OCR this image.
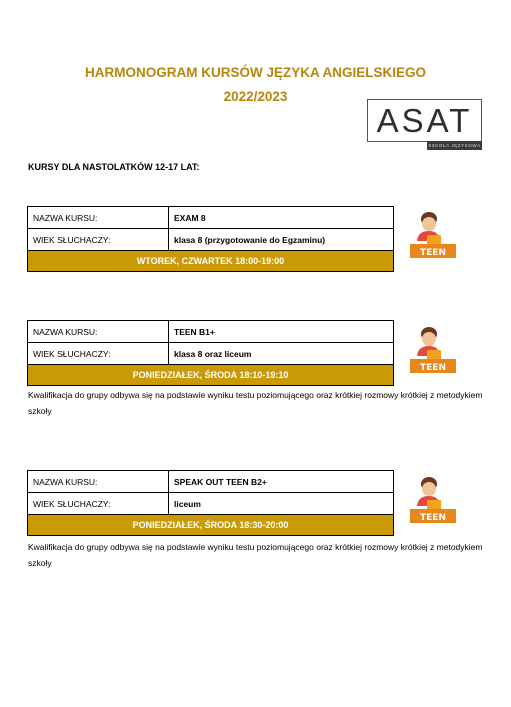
HARMONOGRAM KURSÓW JĘZYKA ANGIELSKIEGO
2022/2023
ASAT
SZKOŁA JĘZYKOWA
KURSY DLA NASTOLATKÓW 12-17 LAT:
NAZWA KURSU:	EXAM 8
WIEK SŁUCHACZY:	klasa 8 (przygotowanie do Egzaminu)
WTOREK, CZWARTEK 18:00-19:00	
NAZWA KURSU:	TEEN B1+
WIEK SŁUCHACZY:	klasa 8 oraz liceum
PONIEDZIAŁEK, ŚRODA 18:10-19:10	
Kwalifikacja do grupy odbywa się na podstawie wyniku testu poziomującego oraz krótkiej rozmowy krótkiej z metodykiem szkoły
NAZWA KURSU:	SPEAK OUT TEEN B2+
WIEK SŁUCHACZY:	liceum
PONIEDZIAŁEK, ŚRODA 18:30-20:00	
Kwalifikacja do grupy odbywa się na podstawie wyniku testu poziomującego oraz krótkiej rozmowy krótkiej z metodykiem szkoły
TEEN
TEEN
TEEN
